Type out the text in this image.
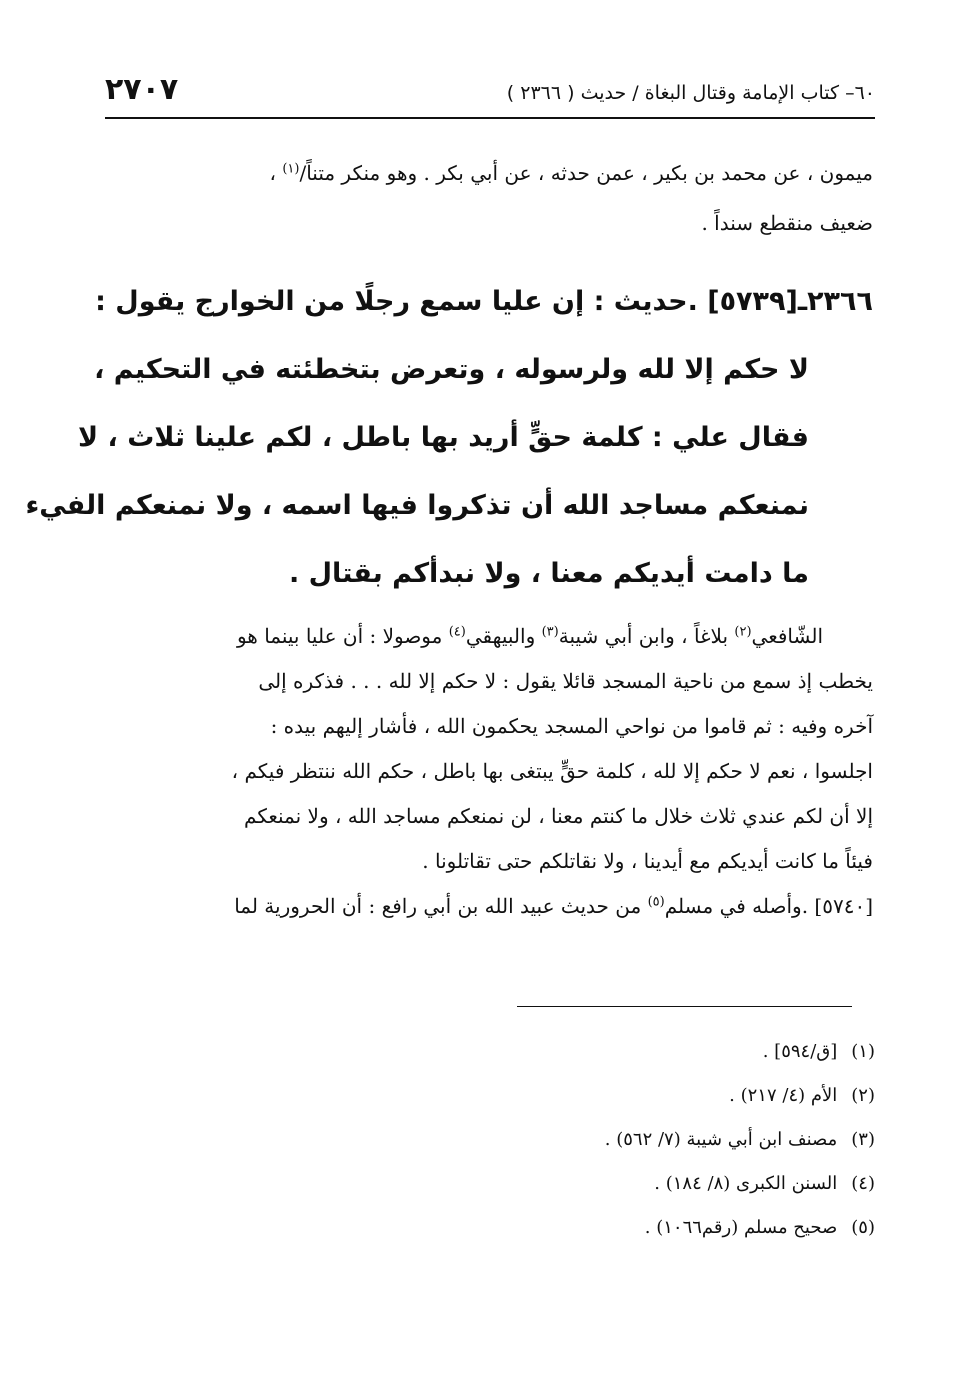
٢٧٠٧	٦٠– كتاب الإمامة وقتال البغاة / حديث ( ٢٣٦٦ )
ميمون ، عن محمد بن بكير ، عمن حدثه ، عن أبي بكر . وهو منكر متناً/$^{(١)}$ ،
ضعيف منقطع سنداً .
٢٣٦٦ـ[٥٧٣٩] .حديث : إن عليا سمع رجلًا من الخوارج يقول :
لا حكم إلا لله ولرسوله ، وتعرض بتخطئته في التحكيم ،
فقال علي : كلمة حقٍّ أريد بها باطل ، لكم علينا ثلاث ، لا
نمنعكم مساجد الله أن تذكروا فيها اسمه ، ولا نمنعكم الفيء
ما دامت أيديكم معنا ، ولا نبدأكم بقتال .
الشّافعي$^{(٢)}$ بلاغاً ، وابن أبي شيبة$^{(٣)}$ والبيهقي$^{(٤)}$ موصولا : أن عليا بينما هو
يخطب إذ سمع من ناحية المسجد قائلا يقول : لا حكم إلا لله . . . فذكره إلى
آخره وفيه : ثم قاموا من نواحي المسجد يحكمون الله ، فأشار إليهم بيده :
اجلسوا ، نعم لا حكم إلا لله ، كلمة حقٍّ يبتغى بها باطل ، حكم الله ننتظر فيكم ،
إلا أن لكم عندي ثلاث خلال ما كنتم معنا ، لن نمنعكم مساجد الله ، ولا نمنعكم
فيئاً ما كانت أيديكم مع أيدينا ، ولا نقاتلكم حتى تقاتلونا .
[٥٧٤٠] .وأصله في مسلم$^{(٥)}$ من حديث عبيد الله بن أبي رافع : أن الحرورية لما
(١)[ق/٥٩٤] .
(٢)الأم (٤/ ٢١٧) .
(٣)مصنف ابن أبي شيبة (٧/ ٥٦٢) .
(٤)السنن الكبرى (٨/ ١٨٤) .
(٥)صحيح مسلم (رقم١٠٦٦) .
